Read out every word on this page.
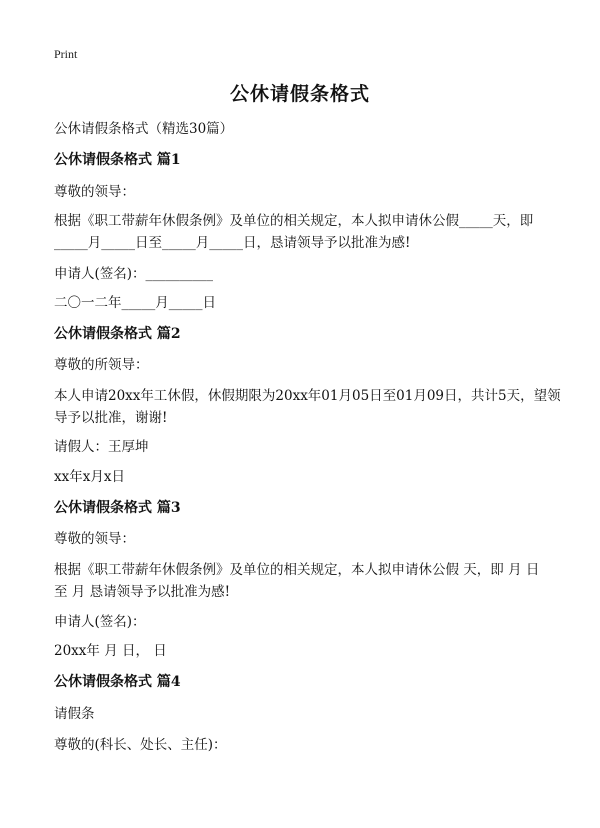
Print
公休请假条格式
公休请假条格式（精选30篇）
公休请假条格式 篇1
尊敬的领导：
根据《职工带薪年休假条例》及单位的相关规定，本人拟申请休公假_____天，即
_____月_____日至_____月_____日，恳请领导予以批准为感!
申请人(签名)：__________
二〇一二年_____月_____日
公休请假条格式 篇2
尊敬的所领导：
本人申请20xx年工休假，休假期限为20xx年01月05日至01月09日，共计5天，望领
导予以批准，谢谢!
请假人：王厚坤
xx年x月x日
公休请假条格式 篇3
尊敬的领导：
根据《职工带薪年休假条例》及单位的相关规定，本人拟申请休公假 天，即 月 日
至 月 恳请领导予以批准为感!
申请人(签名)：
20xx年 月 日， 日
公休请假条格式 篇4
请假条
尊敬的(科长、处长、主任)：
